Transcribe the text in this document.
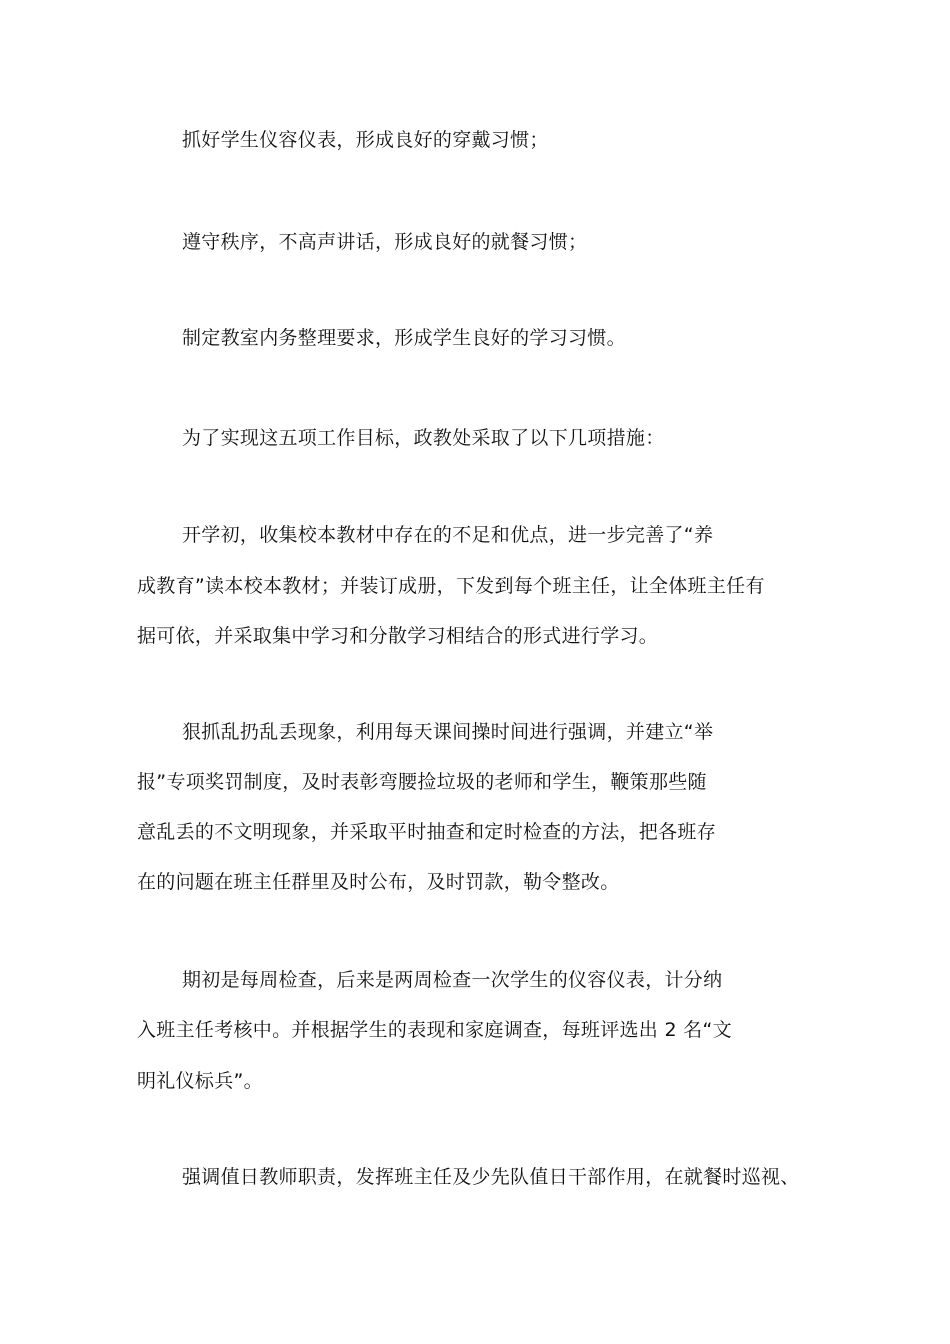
抓好学生仪容仪表，形成良好的穿戴习惯；
遵守秩序，不高声讲话，形成良好的就餐习惯；
制定教室内务整理要求，形成学生良好的学习习惯。
为了实现这五项工作目标，政教处采取了以下几项措施：
开学初，收集校本教材中存在的不足和优点，进一步完善了“养
成教育”读本校本教材；并装订成册，下发到每个班主任，让全体班主任有
据可依，并采取集中学习和分散学习相结合的形式进行学习。
狠抓乱扔乱丢现象，利用每天课间操时间进行强调，并建立“举
报”专项奖罚制度，及时表彰弯腰捡垃圾的老师和学生，鞭策那些随
意乱丢的不文明现象，并采取平时抽查和定时检查的方法，把各班存
在的问题在班主任群里及时公布，及时罚款，勒令整改。
期初是每周检查，后来是两周检查一次学生的仪容仪表，计分纳
入班主任考核中。并根据学生的表现和家庭调查，每班评选出 2 名“文
明礼仪标兵”。
强调值日教师职责，发挥班主任及少先队值日干部作用，在就餐时巡视、
